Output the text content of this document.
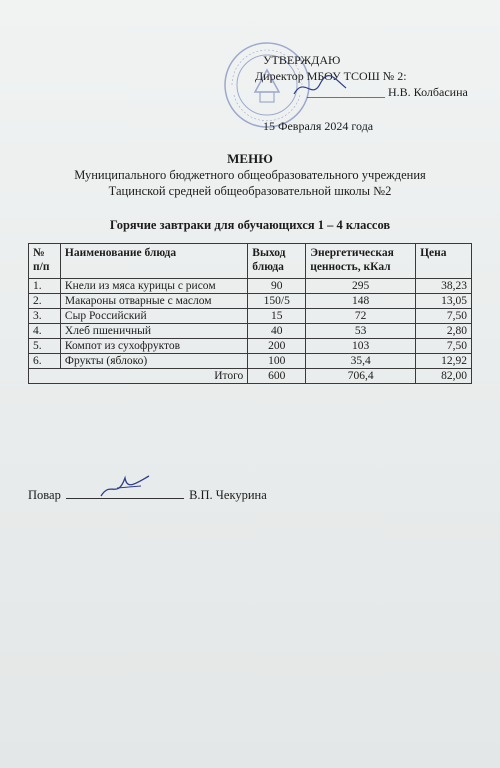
УТВЕРЖДАЮ
Директор МБОУ ТСОШ № 2:
_____________ Н.В. Колбасина
15 Февраля 2024 года
МЕНЮ
Муниципального бюджетного общеобразовательного учреждения
Тацинской средней общеобразовательной школы №2
Горячие завтраки для обучающихся 1 – 4 классов
№ п/п	Наименование блюда	Выход блюда	Энергетическая ценность, кКал	Цена
1.	Кнели из мяса курицы с рисом	90	295	38,23
2.	Макароны отварные с маслом	150/5	148	13,05
3.	Сыр Российский	15	72	7,50
4.	Хлеб пшеничный	40	53	2,80
5.	Компот из сухофруктов	200	103	7,50
6.	Фрукты (яблоко)	100	35,4	12,92
Итого		600	706,4	82,00
Повар	В.П. Чекурина
